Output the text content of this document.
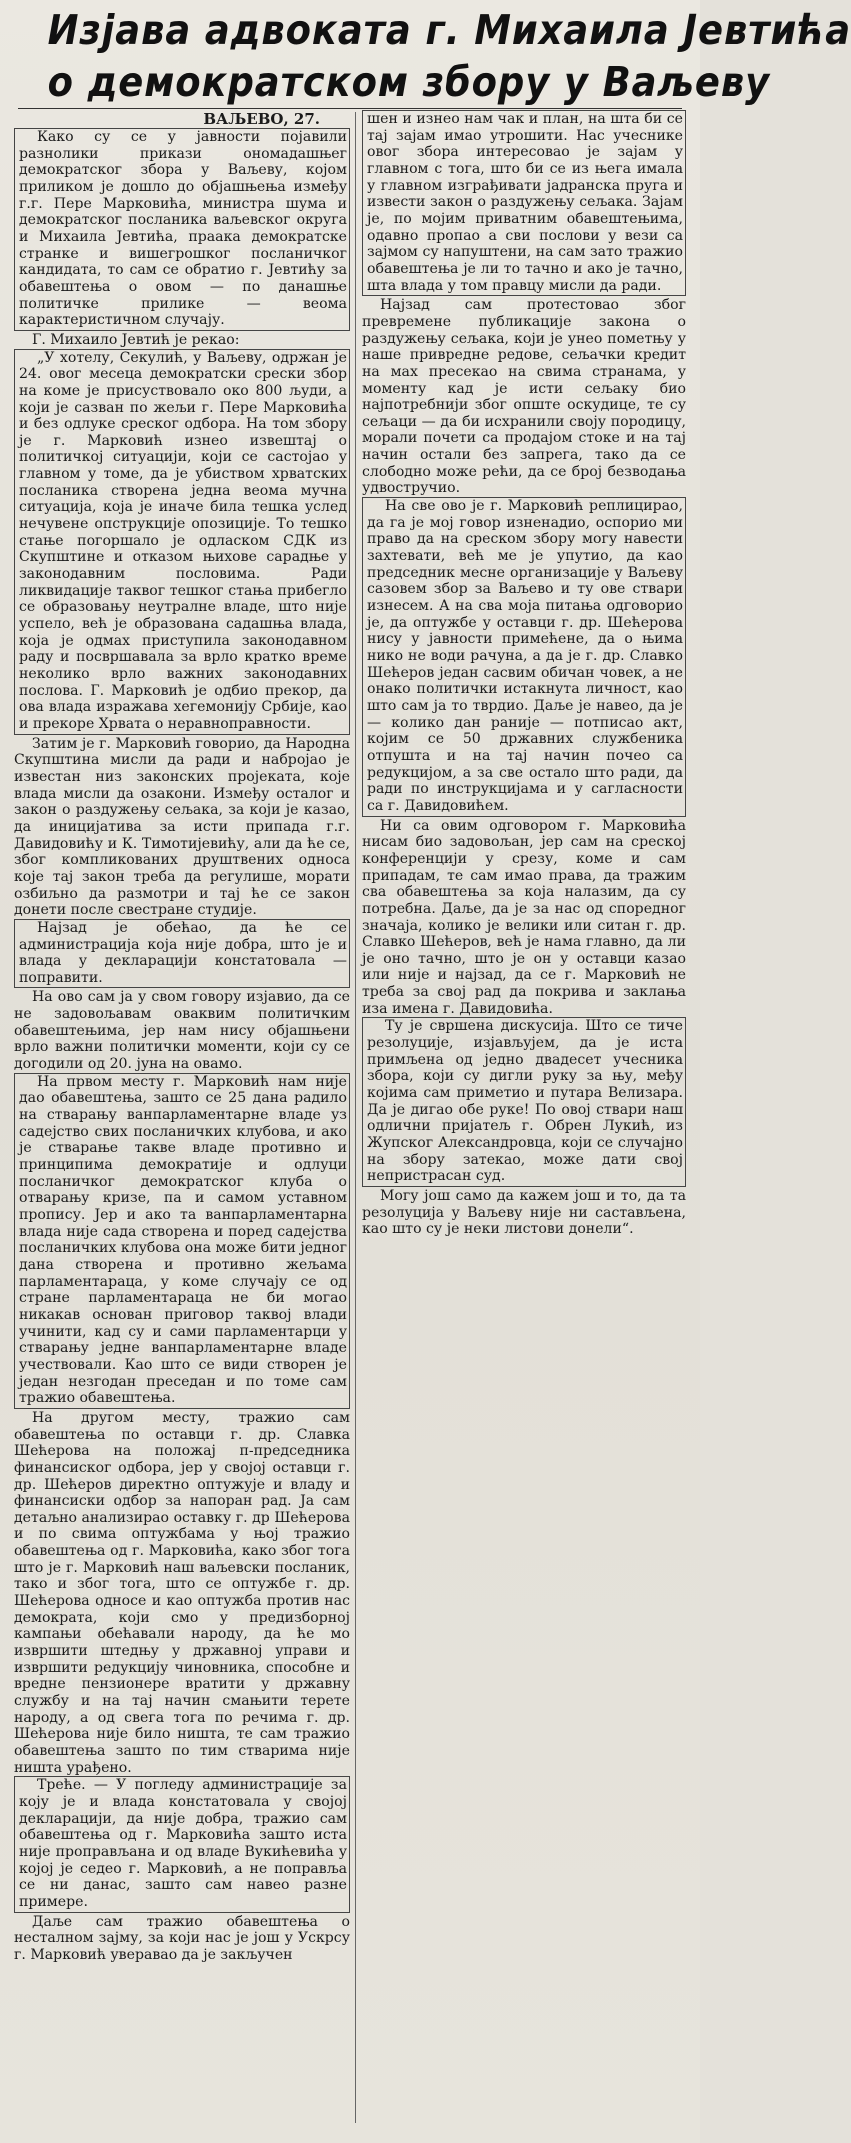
Изјава адвоката г. Михаила Јевтића
о демократском збору у Ваљеву
ВАЉЕВО, 27.

Како су се у јавности појавили разнолики прикази ономадашњег демократског збора у Ваљеву, којом приликом је дошло до објашњења између г.г. Пере Марковића, министра шума и демократског посланика ваљевског округа и Михаила Јевтића, праака демократске странке и вишегрошког посланичког кандидата, то сам се обратио г. Јевтићу за обавештења о овом — по данашње политичке прилике — веома карактеристичном случају.

Г. Михаило Јевтић је рекао:

„У хотелу, Секулић, у Ваљеву, одржан је 24. овог месеца демократски срески збор на коме је присуствовало око 800 људи, а који је сазван по жељи г. Пере Марковића и без одлуке среског одбора. На том збору је г. Марковић изнео извештај о политичкој ситуацији, који се састојао у главном у томе, да је убиством хрватских посланика створена једна веома мучна ситуација, која је иначе била тешка услед нечувене опструкције опозиције. То тешко стање погоршало је одласком СДК из Скупштине и отказом њихове сарадње у законодавним пословима. Ради ликвидације таквог тешког стања прибегло се образовању неутралне владе, што није успело, већ је образована садашња влада, која је одмах приступила законодавном раду и посвршавала за врло кратко време неколико врло важних законодавних послова. Г. Марковић је одбио прекор, да ова влада изражава хегемонију Србије, као и прекоре Хрвата о неравноправности.

Затим је г. Марковић говорио, да Народна Скупштина мисли да ради и набројао је известан низ законских пројеката, које влада мисли да озакони. Између осталог и закон о раздужењу сељака, за који је казао, да иницијатива за исти припада г.г. Давидовићу и К. Тимотијевићу, али да ће се, због компликованих друштвених односа које тај закон треба да регулише, морати озбиљно да размотри и тај ће се закон донети после свестране студије.

Најзад је обећао, да ће се администрација која није добра, што је и влада у декларацији констатовала — поправити.

На ово сам ја у свом говору изјавио, да се не задовољавам оваквим политичким обавештењима, јер нам нису објашњени врло важни политички моменти, који су се догодили од 20. јуна на овамо.

На првом месту г. Марковић нам није дао обавештења, зашто се 25 дана радило на стварању ванпарламентарне владе уз садејство свих посланичких клубова, и ако је стварање такве владе противно и принципима демократије и одлуци посланичког демократског клуба о отварању кризе, па и самом уставном пропису. Јер и ако та ванпарламентарна влада није сада створена и поред садејства посланичких клубова она може бити једног дана створена и противно жељама парламентараца, у коме случају се од стране парламентараца не би могао никакав основан приговор таквој влади учинити, кад су и сами парламентарци у стварању једне ванпарламентарне владе учествовали. Као што се види створен је један незгодан преседан и по томе сам тражио обавештења.

На другом месту, тражио сам обавештења по оставци г. др. Славка Шећерова на положај п-председника финансиског одбора, јер у својој оставци г. др. Шећеров директно оптужује и владу и финансиски одбор за напоран рад. Ја сам детаљно анализирао оставку г. др Шећерова и по свима оптужбама у њој тражио обавештења од г. Марковића, како због тога што је г. Марковић наш ваљевски посланик, тако и због тога, што се оптужбе г. др. Шећерова односе и као оптужба против нас демократа, који смо у предизборној кампањи обећавали народу, да ће мо извршити штедњу у државној управи и извршити редукцију чиновника, способне и вредне пензионере вратити у државну службу и на тај начин смањити терете народу, а од свега тога по речима г. др. Шећерова није било ништа, те сам тражио обавештења зашто по тим стварима није ништа урађено.

Треће. — У погледу администрације за коју је и влада констатовала у својој декларацији, да није добра, тражио сам обавештења од г. Марковића зашто иста није проправљана и од владе Вукићевића у којој је седео г. Марковић, а не поправља се ни данас, зашто сам навео разне примере.

Даље сам тражио обавештења о несталном зајму, за који нас је још у Ускрсу г. Марковић уверавао да је закључен

шен и изнео нам чак и план, на шта би се тај зајам имао утрошити. Нас учеснике овог збора интересовао је зајам у главном с тога, што би се из њега имала у главном изграђивати јадранска пруга и извести закон о раздужењу сељака. Зајам је, по мојим приватним обавештењима, одавно пропао а сви послови у вези са зајмом су напуштени, на сам зато тражио обавештења је ли то тачно и ако је тачно, шта влада у том правцу мисли да ради.

Најзад сам протестовао због превремене публикације закона о раздужењу сељака, који је унео пометњу у наше привредне редове, сељачки кредит на мах пресекао на свима странама, у моменту кад је исти сељаку био најпотребнији због опште оскудице, те су сељаци — да би исхранили своју породицу, морали почети са продајом стоке и на тај начин остали без запрега, тако да се слободно може рећи, да се број безводања удвостручио.

На све ово је г. Марковић реплицирао, да га је мој говор изненадио, оспорио ми право да на среском збору могу навести захтевати, већ ме је упутио, да као председник месне организације у Ваљеву сазовем збор за Ваљево и ту ове ствари изнесем. А на сва моја питања одговорио је, да оптужбе у оставци г. др. Шећерова нису у јавности примећене, да о њима нико не води рачуна, а да је г. др. Славко Шећеров један сасвим обичан човек, а не онако политички истакнута личност, као што сам ја то тврдио. Даље је навео, да је — колико дан раније — потписао акт, којим се 50 државних службеника отпушта и на тај начин почео са редукцијом, а за све остало што ради, да ради по инструкцијама и у сагласности са г. Давидовићем.

Ни са овим одговором г. Марковића нисам био задовољан, јер сам на среској конференцији у срезу, коме и сам припадам, те сам имао права, да тражим сва обавештења за која налазим, да су потребна. Даље, да је за нас од споредног значаја, колико је велики или ситан г. др. Славко Шећеров, већ је нама главно, да ли је оно тачно, што је он у оставци казао или није и најзад, да се г. Марковић не треба за свој рад да покрива и заклања иза имена г. Давидовића.

Ту је свршена дискусија. Што се тиче резолуције, изјављујем, да је иста примљена од једно двадесет учесника збора, који су дигли руку за њу, међу којима сам приметио и путара Велизара. Да је дигао обе руке! По овој ствари наш одлични пријатељ г. Обрен Лукић, из Жупског Александровца, који се случајно на збору затекао, може дати свој непристрасан суд.

Могу још само да кажем још и то, да та резолуција у Ваљеву није ни састављена, као што су је неки листови донели“.
